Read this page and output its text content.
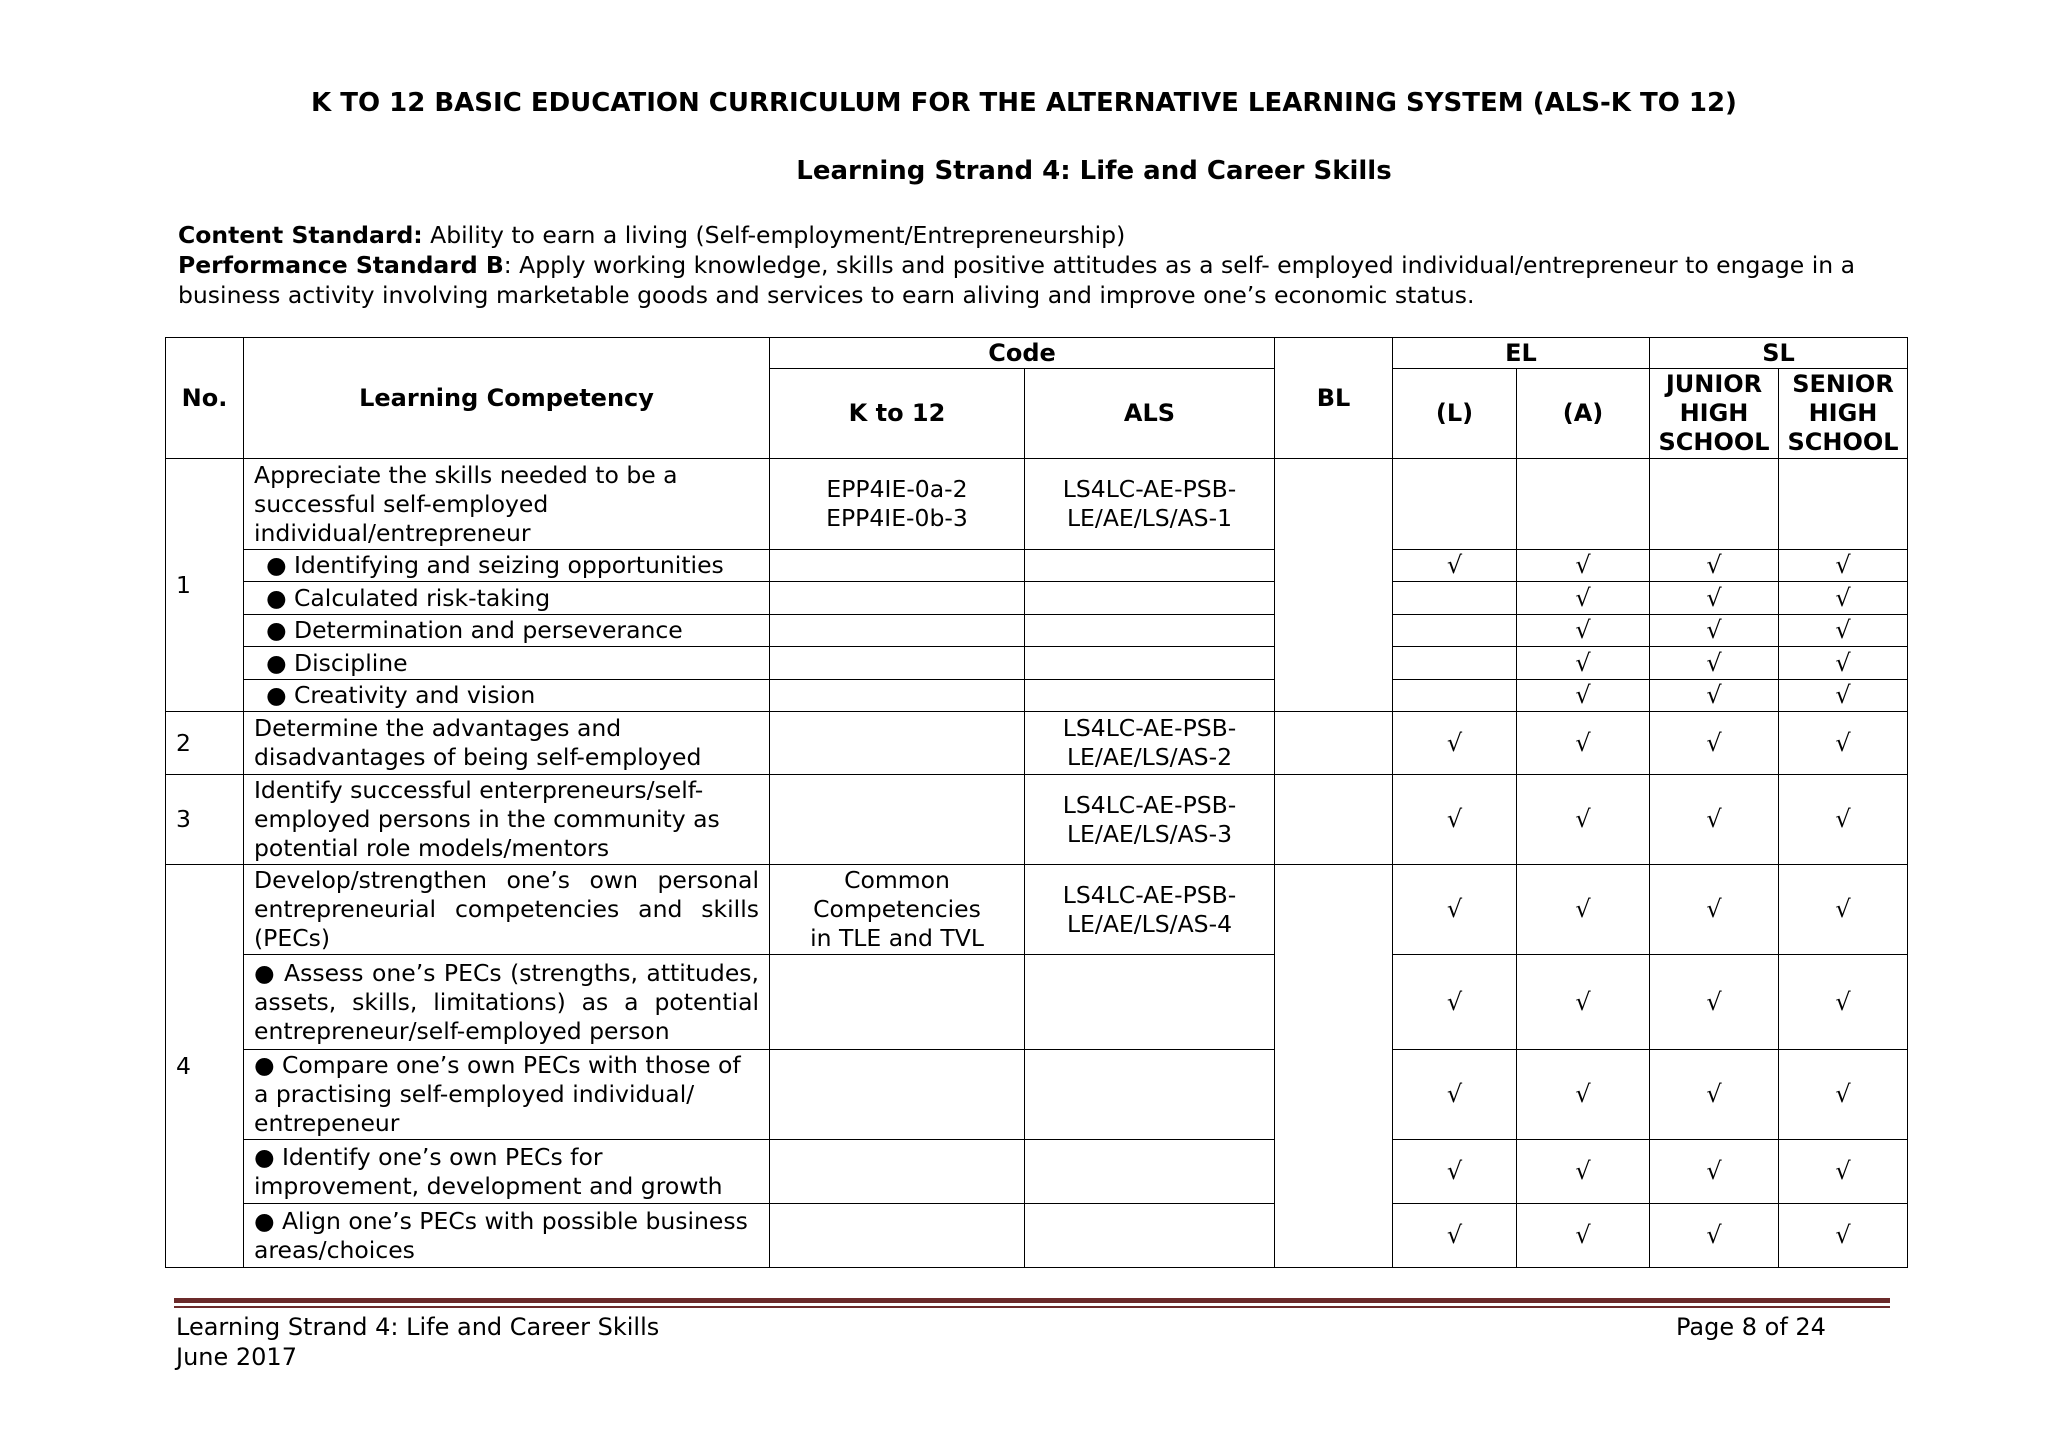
K TO 12 BASIC EDUCATION CURRICULUM FOR THE ALTERNATIVE LEARNING SYSTEM (ALS-K TO 12)
Learning Strand 4: Life and Career Skills
Content Standard: Ability to earn a living (Self-employment/Entrepreneurship)
Performance Standard B: Apply working knowledge, skills and positive attitudes as a self- employed individual/entrepreneur to engage in a business activity involving marketable goods and services to earn aliving and improve one’s economic status.
No.	Learning Competency	Code		BL	EL		SL	
		K to 12	ALS		(L)	(A)	JUNIOR HIGH SCHOOL	SENIOR HIGH SCHOOL
1	Appreciate the skills needed to be a successful self-employed individual/entrepreneur	EPP4IE-0a-2 EPP4IE-0b-3	LS4LC-AE-PSB-LE/AE/LS/AS-1					
	● Identifying and seizing opportunities				√	√	√	√
	● Calculated risk-taking					√	√	√
	● Determination and perseverance					√	√	√
	● Discipline					√	√	√
	● Creativity and vision					√	√	√
2	Determine the advantages and disadvantages of being self-employed		LS4LC-AE-PSB-LE/AE/LS/AS-2		√	√	√	√
3	Identify successful enterpreneurs/self-employed persons in the community as potential role models/mentors		LS4LC-AE-PSB-LE/AE/LS/AS-3		√	√	√	√
4	Develop/strengthen one’s own personal entrepreneurial competencies and skills (PECs)	Common Competencies in TLE and TVL	LS4LC-AE-PSB-LE/AE/LS/AS-4		√	√	√	√
	● Assess one’s PECs (strengths, attitudes, assets, skills, limitations) as a potential entrepreneur/self-employed person				√	√	√	√
	● Compare one’s own PECs with those of a practising self-employed individual/ entrepeneur				√	√	√	√
	● Identify one’s own PECs for improvement, development and growth				√	√	√	√
	● Align one’s PECs with possible business areas/choices				√	√	√	√
Learning Strand 4: Life and Career Skills
June 2017
Page 8 of 24
